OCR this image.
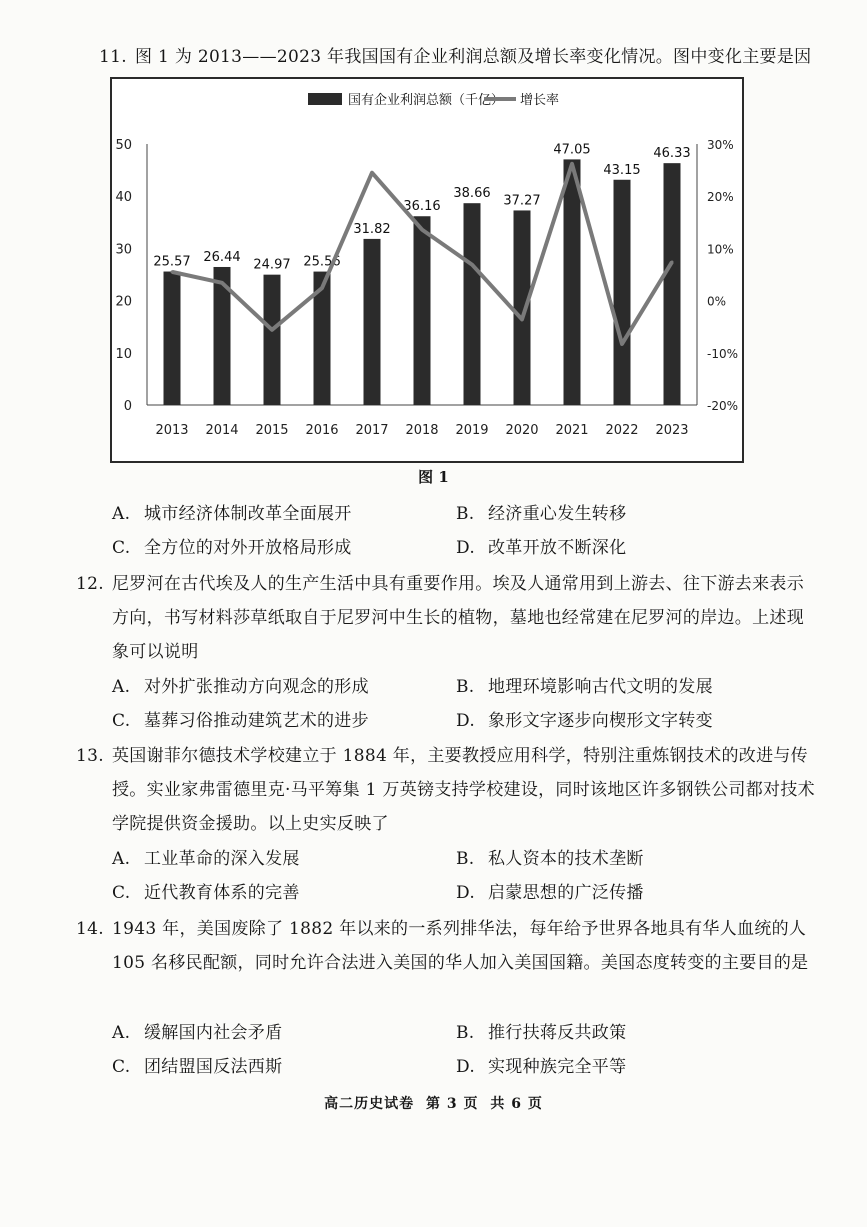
11. 图 1 为 2013——2023 年我国国有企业利润总额及增长率变化情况。图中变化主要是因
0
10
20
30
40
50
-20%
-10%
0%
10%
20%
30%
25.57
2013
26.44
2014
24.97
2015
25.56
2016
31.82
2017
36.16
2018
38.66
2019
37.27
2020
47.05
2021
43.15
2022
46.33
2023
国有企业利润总额（千亿） 增长率
图 1
A. 城市经济体制改革全面展开	B. 经济重心发生转移
C. 全方位的对外开放格局形成	D. 改革开放不断深化
12. 尼罗河在古代埃及人的生产生活中具有重要作用。埃及人通常用到上游去、往下游去来表示方向，书写材料莎草纸取自于尼罗河中生长的植物，墓地也经常建在尼罗河的岸边。上述现象可以说明
A. 对外扩张推动方向观念的形成	B. 地理环境影响古代文明的发展
C. 墓葬习俗推动建筑艺术的进步	D. 象形文字逐步向楔形文字转变
13. 英国谢菲尔德技术学校建立于 1884 年，主要教授应用科学，特别注重炼钢技术的改进与传授。实业家弗雷德里克·马平筹集 1 万英镑支持学校建设，同时该地区许多钢铁公司都对技术学院提供资金援助。以上史实反映了
A. 工业革命的深入发展	B. 私人资本的技术垄断
C. 近代教育体系的完善	D. 启蒙思想的广泛传播
14. 1943 年，美国废除了 1882 年以来的一系列排华法，每年给予世界各地具有华人血统的人 105 名移民配额，同时允许合法进入美国的华人加入美国国籍。美国态度转变的主要目的是
A. 缓解国内社会矛盾	B. 推行扶蒋反共政策
C. 团结盟国反法西斯	D. 实现种族完全平等
高二历史试卷 第 3 页 共 6 页
